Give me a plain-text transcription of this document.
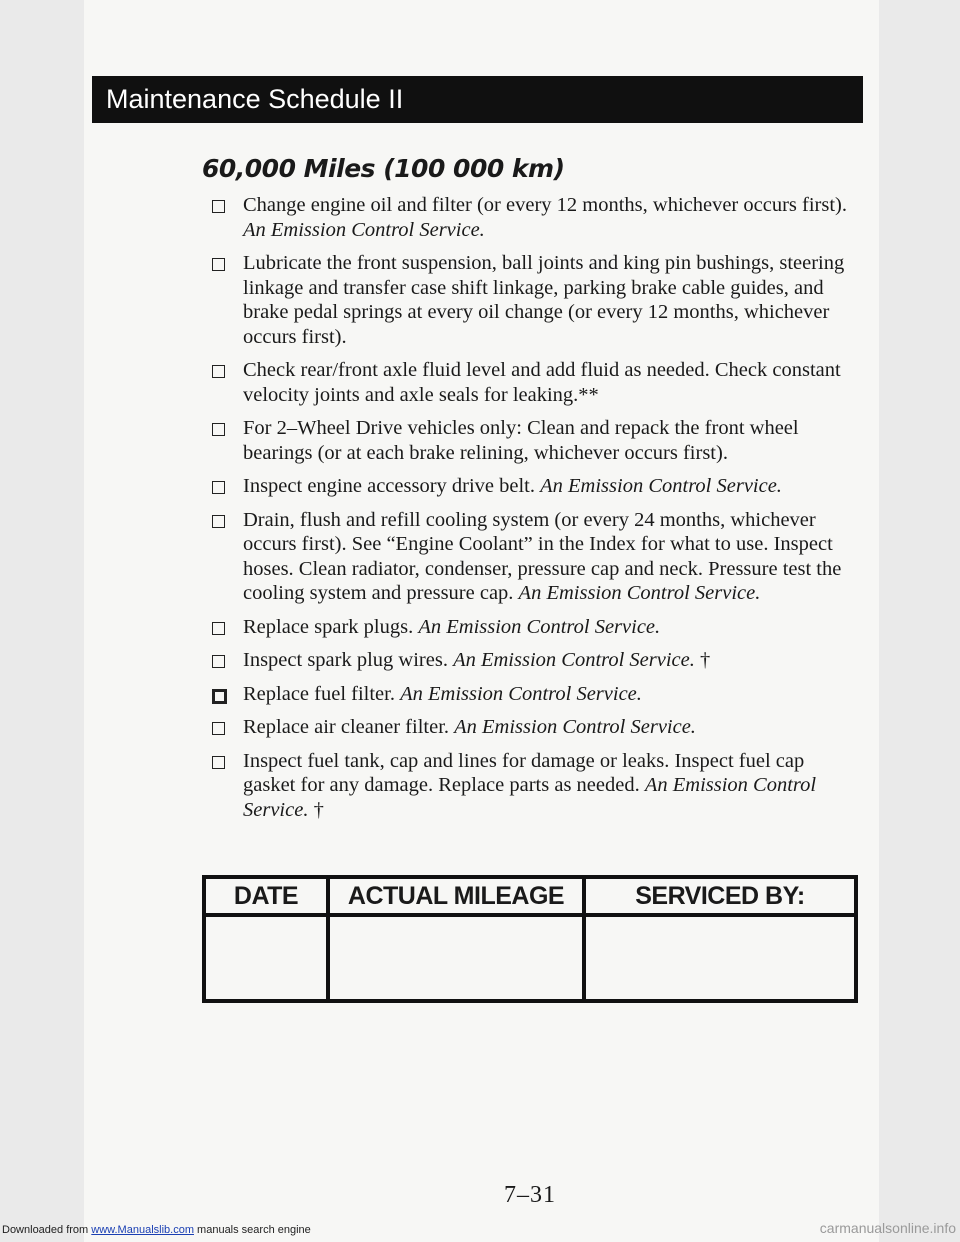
Maintenance Schedule II
60,000 Miles (100 000 km)
Change engine oil and filter (or every 12 months, whichever occurs first). An Emission Control Service.
Lubricate the front suspension, ball joints and king pin bushings, steering linkage and transfer case shift linkage, parking brake cable guides, and brake pedal springs at every oil change (or every 12 months, whichever occurs first).
Check rear/front axle fluid level and add fluid as needed. Check constant velocity joints and axle seals for leaking.**
For 2–Wheel Drive vehicles only: Clean and repack the front wheel bearings (or at each brake relining, whichever occurs first).
Inspect engine accessory drive belt. An Emission Control Service.
Drain, flush and refill cooling system (or every 24 months, whichever occurs first). See “Engine Coolant” in the Index for what to use. Inspect hoses. Clean radiator, condenser, pressure cap and neck. Pressure test the cooling system and pressure cap. An Emission Control Service.
Replace spark plugs. An Emission Control Service.
Inspect spark plug wires. An Emission Control Service. †
Replace fuel filter. An Emission Control Service.
Replace air cleaner filter. An Emission Control Service.
Inspect fuel tank, cap and lines for damage or leaks. Inspect fuel cap gasket for any damage. Replace parts as needed. An Emission Control Service. †
DATE	ACTUAL MILEAGE	SERVICED BY:

7–31
Downloaded from www.Manualslib.com manuals search engine	carmanualsonline.info
